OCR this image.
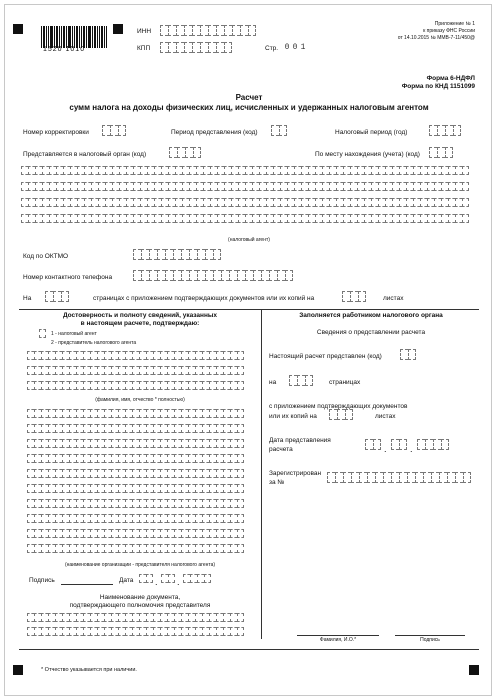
1520 1010
ИНН
КПП	Стр. 0 0 1
Приложение № 1
к приказу ФНС России
от 14.10.2015 № ММВ-7-11/450@
Форма 6-НДФЛ
Форма по КНД 1151099
Расчет
сумм налога на доходы физических лиц, исчисленных и удержанных налоговым агентом
Номер корректировки	Период представления (код)	Налоговый период (год)
Представляется в налоговый орган (код)	По месту нахождения (учета) (код)
(налоговый агент)
Код по ОКТМО
Номер контактного телефона
На	страницах с приложением подтверждающих документов или их копий на	листах
Достоверность и полноту сведений, указанных
в настоящем расчете, подтверждаю:
1 - налоговый агент
2 - представитель налогового агента
(фамилия, имя, отчество * полностью)
(наименование организации - представителя налогового агента)
Подпись	Дата . .
Наименование документа,
подтверждающего полномочия представителя
Заполняется работником налогового органа
Сведения о представлении расчета
Настоящий расчет представлен (код)
на	страницах
с приложением подтверждающих документов
или их копий на	листах
Дата представления
расчета	.	.
Зарегистрирован
за №
Фамилия, И.О.*	Подпись
* Отчество указывается при наличии.
